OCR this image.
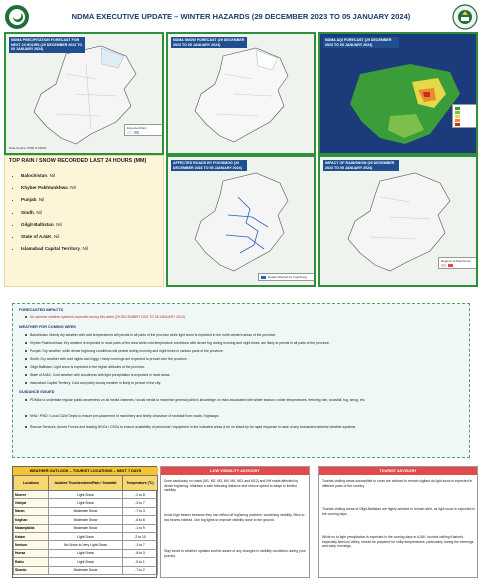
NDMA EXECUTIVE UPDATE – WINTER HAZARDS (29 DECEMBER 2023 TO 05 JANUARY 2024)
NDMA PRECIPITATION FORECAST FOR NEXT 24 HOURS (29 DECEMBER 2023 TO 05 JANUARY 2024)
Expected Rain
Data Source: PMD & NDMA
NDMA SNOW FORECAST (29 DECEMBER 2023 TO 05 JANUARY 2024)
NDMA AQI FORECAST (29 DECEMBER 2023 TO 05 JANUARY 2024)
TOP RAIN / SNOW RECORDED LAST 24 HOURS (MM)
• Balochistan. Nil
• Khyber Pakhtunkhwa. Nil
• Punjab. Nil
• Sindh. Nil
• Gilgit-Baltistan. Nil
• State of AJ&K. Nil
• Islamabad Capital Territory. Nil
AFFECTED ROADS BY FOG/SMOG (29 DECEMBER 2023 TO 05 JANUARY 2024)
Roads Affected by Fog/Smog
IMPACT OF RAIN/SNOW (29 DECEMBER 2023 TO 05 JANUARY 2024)
Regions of Rain/Snow
FORECASTED IMPACTS
No adverse weather systems expected during this week (29 DECEMBER 2023 TO 05 JANUARY 2024)
WEATHER FOR COMING WEEK
Balochistan. Mainly dry weather with cold temperatures will persist in all parts of the province while light snow is expected in the north western areas of the province.
Khyber Pakhtunkhwa. Dry weather is expected in most parts of the area while cold temperature conditions with dense fog during morning and night times, are likely to persist in all parts of the province.
Punjab. Dry weather, while dense fog/smog conditions will persist during morning and night times in various parts of the province.
Sindh. Dry weather with cold nights and foggy / misty mornings are expected to prevail over the province.
Gilgit Baltistan. Light snow is expected in the higher altitudes of the province.
State of AJ&K. Cold weather with cloudiness with light precipitation is expected in most areas.
Islamabad Capital Territory. Cold and partly cloudy weather is likely to persist in the city.
GUIDANCE ISSUED
PDMAs to undertake regular public awareness on all media channels / social media to maximise general public's knowledge on risks associated with winter season; colder temperatures, freezing rain, snowfall, fog, smog, etc.
NHA / PWD / Local C&W Depts to ensure pre-placement of machinery and timely clearance of snowfall from roads / highways.
Rescue Services, Armed Forces and leading NGOs / CSOs to ensure availability of personnel / equipment in the indicated areas & be on stand-by for rapid response in case of any forecasted adverse weather systems.
WEATHER OUTLOOK – TOURIST LOCATIONS – NEXT 7 DAYS
Locations	Isolated Thunderstorm/Rain / Snowfall	Temperature (°C)
Murree	Light Snow	-2 to 8
Galiyat	Light Snow	-3 to 7
Naran	Moderate Snow	-7 to 3
Kaghan	Moderate Snow	-6 to 6
Malamjabba	Moderate Snow	-1 to 9
Kalam	Light Snow	-2 to 10
Neelum	No Snow to Very Light Snow	-1 to 7
Hunza	Light Snow	-8 to 3
Rattu	Light Snow	-9 to 1
Skardu	Moderate Snow	-7 to 2
LOW VISIBILITY ADVISORY

Drive cautiously on roads (M1, M2, M3, M4, M5, M11 and M12) and NH roads affected by dense fog/smog. Maintain a safe following distance and reduce speed to adapt to limited visibility.

Avoid high beams because they can reflect off fog/smog particles, worsening visibility. Stick to low beams instead. Use fog lights to improve visibility close to the ground.

Stay tuned to weather updates and be aware of any changes in visibility conditions during your journey.

TOURIST ADVISORY

Tourists visiting areas susceptible to snow are advised to remain vigilant as light snow is expected in different parts of the country.

Tourists visiting areas of Gilgit-Baltistan are highly advised to remain alert, as light snow is expected in the coming days.

While no to light precipitation is expected in the coming days in AJ&K, tourists visiting Kashmir, especially Neelum Valley, should be prepared for chilly temperatures, particularly during the evenings and early mornings.
